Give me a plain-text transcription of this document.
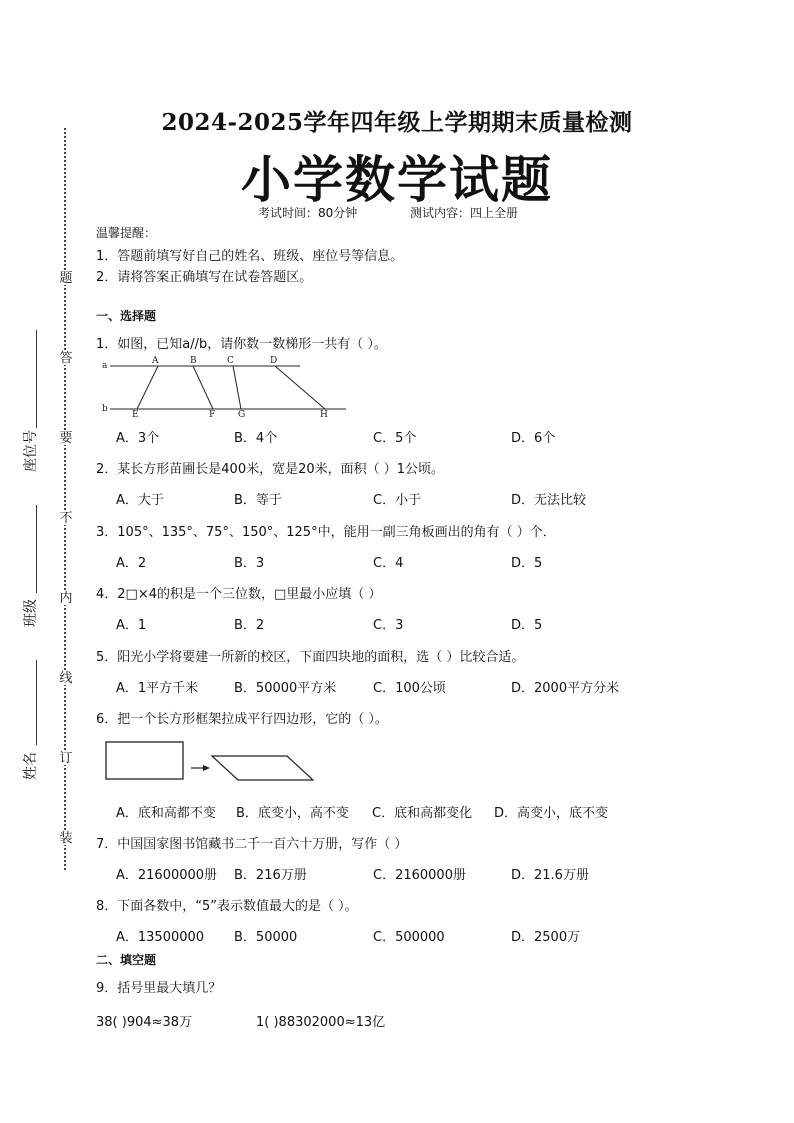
题
答
要
不
内
线
订
装
座位号
班级
姓名
2024-2025学年四年级上学期期末质量检测
小学数学试题
考试时间：80分钟	测试内容：四上全册
温馨提醒：
1．答题前填写好自己的姓名、班级、座位号等信息。
2．请将答案正确填写在试卷答题区。
一、选择题
1．如图，已知a//b，请你数一数梯形一共有（ ）。
a
b
A	B	C	D
E	F	G	H
A．3个	B．4个	C．5个	D．6个
2．某长方形苗圃长是400米，宽是20米，面积（ ）1公顷。
A．大于	B．等于	C．小于	D．无法比较
3．105°、135°、75°、150°、125°中，能用一副三角板画出的角有（ ）个．
A．2	B．3	C．4	D．5
4．2□×4的积是一个三位数，□里最小应填（ ）
A．1	B．2	C．3	D．5
5．阳光小学将要建一所新的校区，下面四块地的面积，选（ ）比较合适。
A．1平方千米	B．50000平方米	C．100公顷	D．2000平方分米
6．把一个长方形框架拉成平行四边形，它的（ ）。
A．底和高都不变 B．底变小，高不变 C．底和高都变化 D．高变小，底不变
7．中国国家图书馆藏书二千一百六十万册，写作（ ）
A．21600000册 B．216万册	C．2160000册	D．21.6万册
8．下面各数中，“5”表示数值最大的是（ ）。
A．13500000 B．50000	C．500000	D．2500万
二、填空题
9．括号里最大填几？
38( )904≈38万	1( )88302000≈13亿
